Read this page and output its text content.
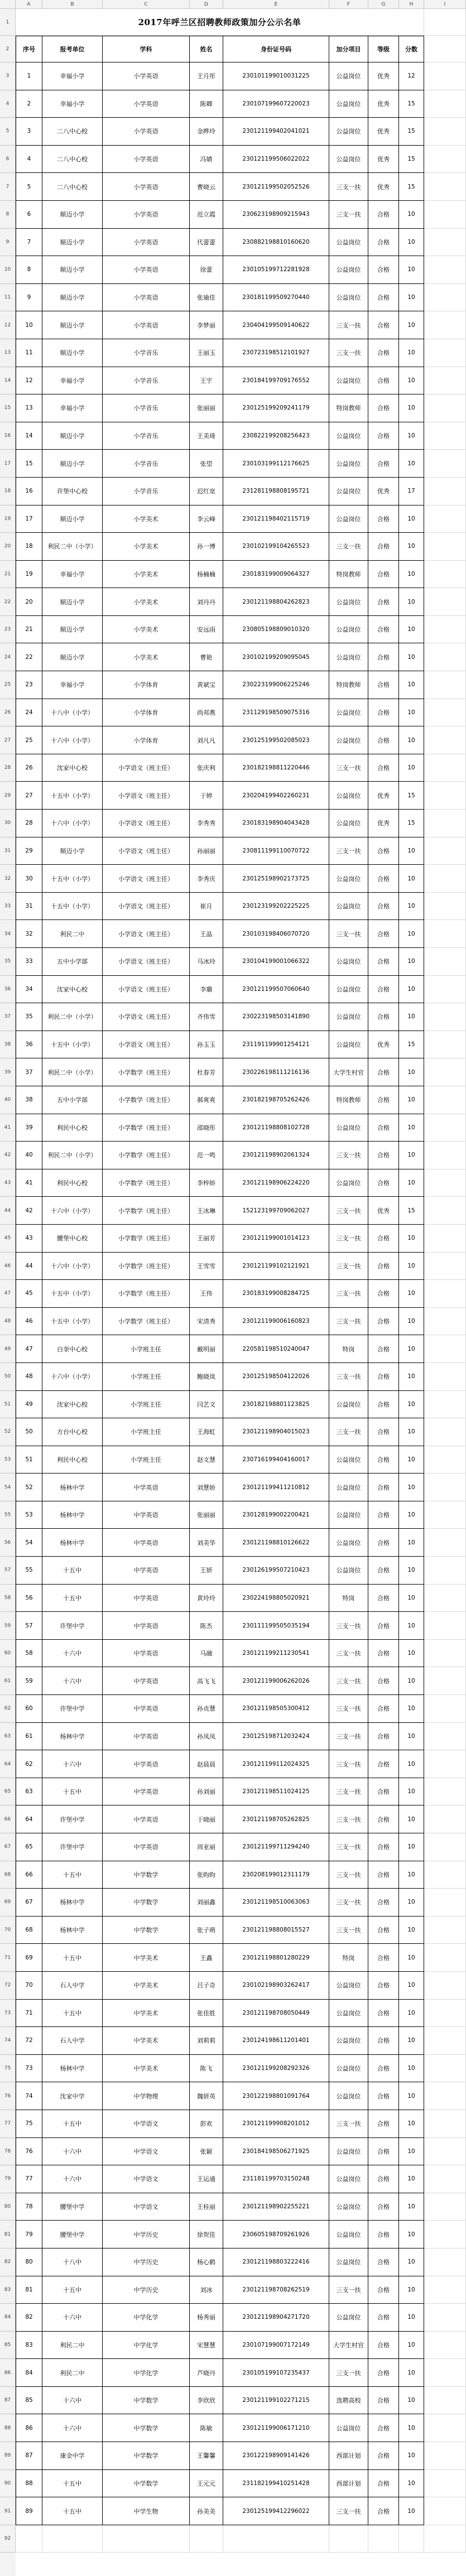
A	B	C	D	E	F	G	H	I
1	2017年呼兰区招聘教师政策加分公示名单
2	序号	报考单位	学科	姓名	身份证号码	加分项目	等级	分数
3	1	幸福小学	小学英语	王月彤	230101199010031225	公益岗位	优秀	12
4	2	幸福小学	小学英语	陈卿	230107199607220023	公益岗位	优秀	15
5	3	二八中心校	小学英语	金晔玲	230121199402041021	公益岗位	优秀	15
6	4	二八中心校	小学英语	冯婧	230121199506022022	公益岗位	优秀	15
7	5	二八中心校	小学英语	曹晓云	230121199502052526	三支一扶	优秀	15
8	6	顺迈小学	小学英语	范立霞	230623198909215943	三支一扶	合格	10
9	7	顺迈小学	小学英语	代蕾蕾	230882198810160620	公益岗位	合格	10
10	8	顺迈小学	小学英语	徐蕾	230105199712281928	公益岗位	合格	10
11	9	顺迈小学	小学英语	张瑜佳	230181199509270440	公益岗位	合格	10
12	10	顺迈小学	小学英语	李梦丽	230404199509140622	三支一扶	合格	10
13	11	顺迈小学	小学音乐	王丽玉	230723198512101927	三支一扶	合格	10
14	12	幸福小学	小学音乐	王宇	230184199709176552	公益岗位	合格	10
15	13	幸福小学	小学音乐	张丽丽	230125199209241179	特岗教师	合格	10
16	14	顺迈小学	小学音乐	王美琦	230822199208256423	公益岗位	合格	10
17	15	顺迈小学	小学音乐	张望	230103199112176625	公益岗位	合格	10
18	16	许堡中心校	小学音乐	迟红宽	231281198808195721	公益岗位	优秀	17
19	17	顺迈小学	小学美术	李云峰	230121198402115719	公益岗位	合格	10
20	18	利民二中（小学）	小学美术	孙一博	230102199104265523	三支一扶	合格	10
21	19	幸福小学	小学美术	杨楠楠	230183199009064327	特岗教师	合格	10
22	20	顺迈小学	小学美术	刘丹丹	230121198804262823	公益岗位	合格	10
23	21	顺迈小学	小学美术	安远雨	230805198809010320	公益岗位	合格	10
24	22	顺迈小学	小学美术	曹艳	230102199209095045	公益岗位	合格	10
25	23	幸福小学	小学体育	黄斌宝	230223199006225246	特岗教师	合格	10
26	24	十八中（小学）	小学体育	尚邦燕	231129198509075316	公益岗位	合格	10
27	25	十六中（小学）	小学体育	刘凡凡	230125199502085023	公益岗位	合格	10
28	26	沈家中心校	小学语文（班主任）	张庆利	230182198811220446	三支一扶	合格	10
29	27	十五中（小学）	小学语文（班主任）	于婷	230204199402260231	公益岗位	优秀	15
30	28	十六中（小学）	小学语文（班主任）	李秀秀	230183198904043428	公益岗位	优秀	15
31	29	顺迈小学	小学语文（班主任）	孙丽丽	230811199110070722	三支一扶	合格	10
32	30	十五中（小学）	小学语文（班主任）	李秀庆	230125198902173725	公益岗位	合格	10
33	31	十五中（小学）	小学语文（班主任）	崔月	230123199202225225	公益岗位	合格	10
34	32	利民二中	小学语文（班主任）	王晶	230103198406070720	三支一扶	合格	10
35	33	五中小学部	小学语文（班主任）	马冰玲	230104199001066322	公益岗位	合格	10
36	34	沈家中心校	小学语文（班主任）	李璐	230121199507060640	公益岗位	合格	10
37	35	利民二中（小学）	小学语文（班主任）	齐伟雪	230223198503141890	公益岗位	合格	10
38	36	十五中（小学）	小学语文（班主任）	孙玉玉	231191199901254121	公益岗位	优秀	15
39	37	利民二中（小学）	小学数学（班主任）	杜春芳	230226198111216136	大学生村官	合格	10
40	38	五中小学部	小学数学（班主任）	郝爽爽	230182198705262426	特岗教师	合格	10
41	39	利民中心校	小学数学（班主任）	邵晓彤	230121198808102728	公益岗位	合格	10
42	40	利民二中（小学）	小学数学（班主任）	范一鸣	230121198902061324	三支一扶	合格	10
43	41	利民中心校	小学数学（班主任）	李梓娇	230121198906224220	公益岗位	合格	10
44	42	十六中（小学）	小学数学（班主任）	王冰琳	152123199709062027	三支一扶	优秀	15
45	43	腰堡中心校	小学数学（班主任）	王丽芳	230121199001014123	三支一扶	合格	10
46	44	十六中（小学）	小学数学（班主任）	王雪雪	230121199102121921	三支一扶	合格	10
47	45	十五中（小学）	小学数学（班主任）	王伟	230183199008284725	三支一扶	合格	10
48	46	十五中（小学）	小学数学（班主任）	宋清秀	230121199006160823	三支一扶	合格	10
49	47	白奎中心校	小学班主任	戴明丽	220581198510240047	特岗	合格	10
50	48	十六中（小学）	小学班主任	鲍晓岚	230125198504122026	三支一扶	合格	10
51	49	沈家中心校	小学班主任	闫艺文	230182198801123825	公益岗位	合格	10
52	50	方台中心校	小学班主任	王海虹	230121198904015023	三支一扶	合格	10
53	51	利民中心校	小学班主任	赵文慧	230716199404160017	公益岗位	合格	10
54	52	杨林中学	中学英语	刘慧娇	230121199411210812	公益岗位	合格	10
55	53	杨林中学	中学英语	张丽丽	230128199002200421	公益岗位	合格	10
56	54	杨林中学	中学英语	刘美华	230121198810126622	公益岗位	合格	10
57	55	十五中	中学英语	王妍	230126199507210423	公益岗位	合格	10
58	56	十五中	中学英语	黄玲玲	230224198805020921	特岗	合格	10
59	57	许堡中学	中学英语	陈杰	230111199505035194	三支一扶	合格	10
60	58	十六中	中学英语	马融	230121199211230541	三支一扶	合格	10
61	59	十六中	中学英语	高飞飞	230121199006262026	三支一扶	合格	10
62	60	许堡中学	中学英语	孙贞慧	230121198505300412	三支一扶	合格	10
63	61	杨林中学	中学英语	孙凤凤	230125198712032424	三支一扶	合格	10
64	62	十六中	中学英语	赵晨晨	230121199112024325	三支一扶	合格	10
65	63	十五中	中学英语	孙刘丽	230121198511024125	三支一扶	合格	10
66	64	许堡中学	中学英语	于晓丽	230121198705262825	三支一扶	合格	10
67	65	许堡中学	中学英语	周亚丽	230121199711294240	三支一扶	合格	10
68	66	十五中	中学数学	张昀昀	230208199012311179	三支一扶	合格	10
69	67	杨林中学	中学数学	刘丽鑫	230121198510063063	三支一扶	合格	10
70	68	杨林中学	中学数学	张子萌	230121198808015527	三支一扶	合格	10
71	69	十五中	中学美术	王鑫	230121198801280229	特岗	合格	10
72	70	石人中学	中学美术	吕子奇	230102198903262417	公益岗位	合格	10
73	71	十五中	中学美术	张佳胜	230121198708050449	公益岗位	合格	10
74	72	石人中学	中学美术	刘莉莉	230124198611201401	公益岗位	合格	10
75	73	杨林中学	中学美术	陈飞	230121199208292326	公益岗位	合格	10
76	74	沈家中学	中学物理	魏妍英	230122198801091764	公益岗位	合格	10
77	75	十五中	中学语文	彭欢	230121199908201012	三支一扶	合格	10
78	76	十六中	中学语文	张颖	230184198506271925	公益岗位	合格	10
79	77	十六中	中学语文	王运通	231181199703150248	公益岗位	合格	10
80	78	腰堡中学	中学语文	王桂丽	230121198902255221	公益岗位	合格	10
81	79	腰堡中学	中学历史	徐贺佳	230605198709261926	公益岗位	合格	10
82	80	十八中	中学历史	杨心鹤	230121198803222416	公益岗位	合格	10
83	81	十五中	中学历史	刘冰	230121198708262519	三支一扶	合格	10
84	82	十六中	中学化学	杨秀丽	230121198904271720	公益岗位	合格	10
85	83	利民二中	中学化学	宋慧慧	230107199007172149	大学生村官	合格	10
86	84	利民二中	中学化学	芦晓丹	230105199107235437	三支一扶	合格	10
87	85	十六中	中学数学	李欣欣	230121199102271215	选聘高校	合格	10
88	86	十六中	中学数学	陈敏	230121199006171210	公益岗位	合格	10
89	87	康金中学	中学数学	王馨馨	230122198909141426	西部计划	合格	10
90	88	十五中	中学数学	王元元	231182199410251428	西部计划	合格	10
91	89	十五中	中学生物	孙美美	230125199412296022	三支一扶	合格	10
92
